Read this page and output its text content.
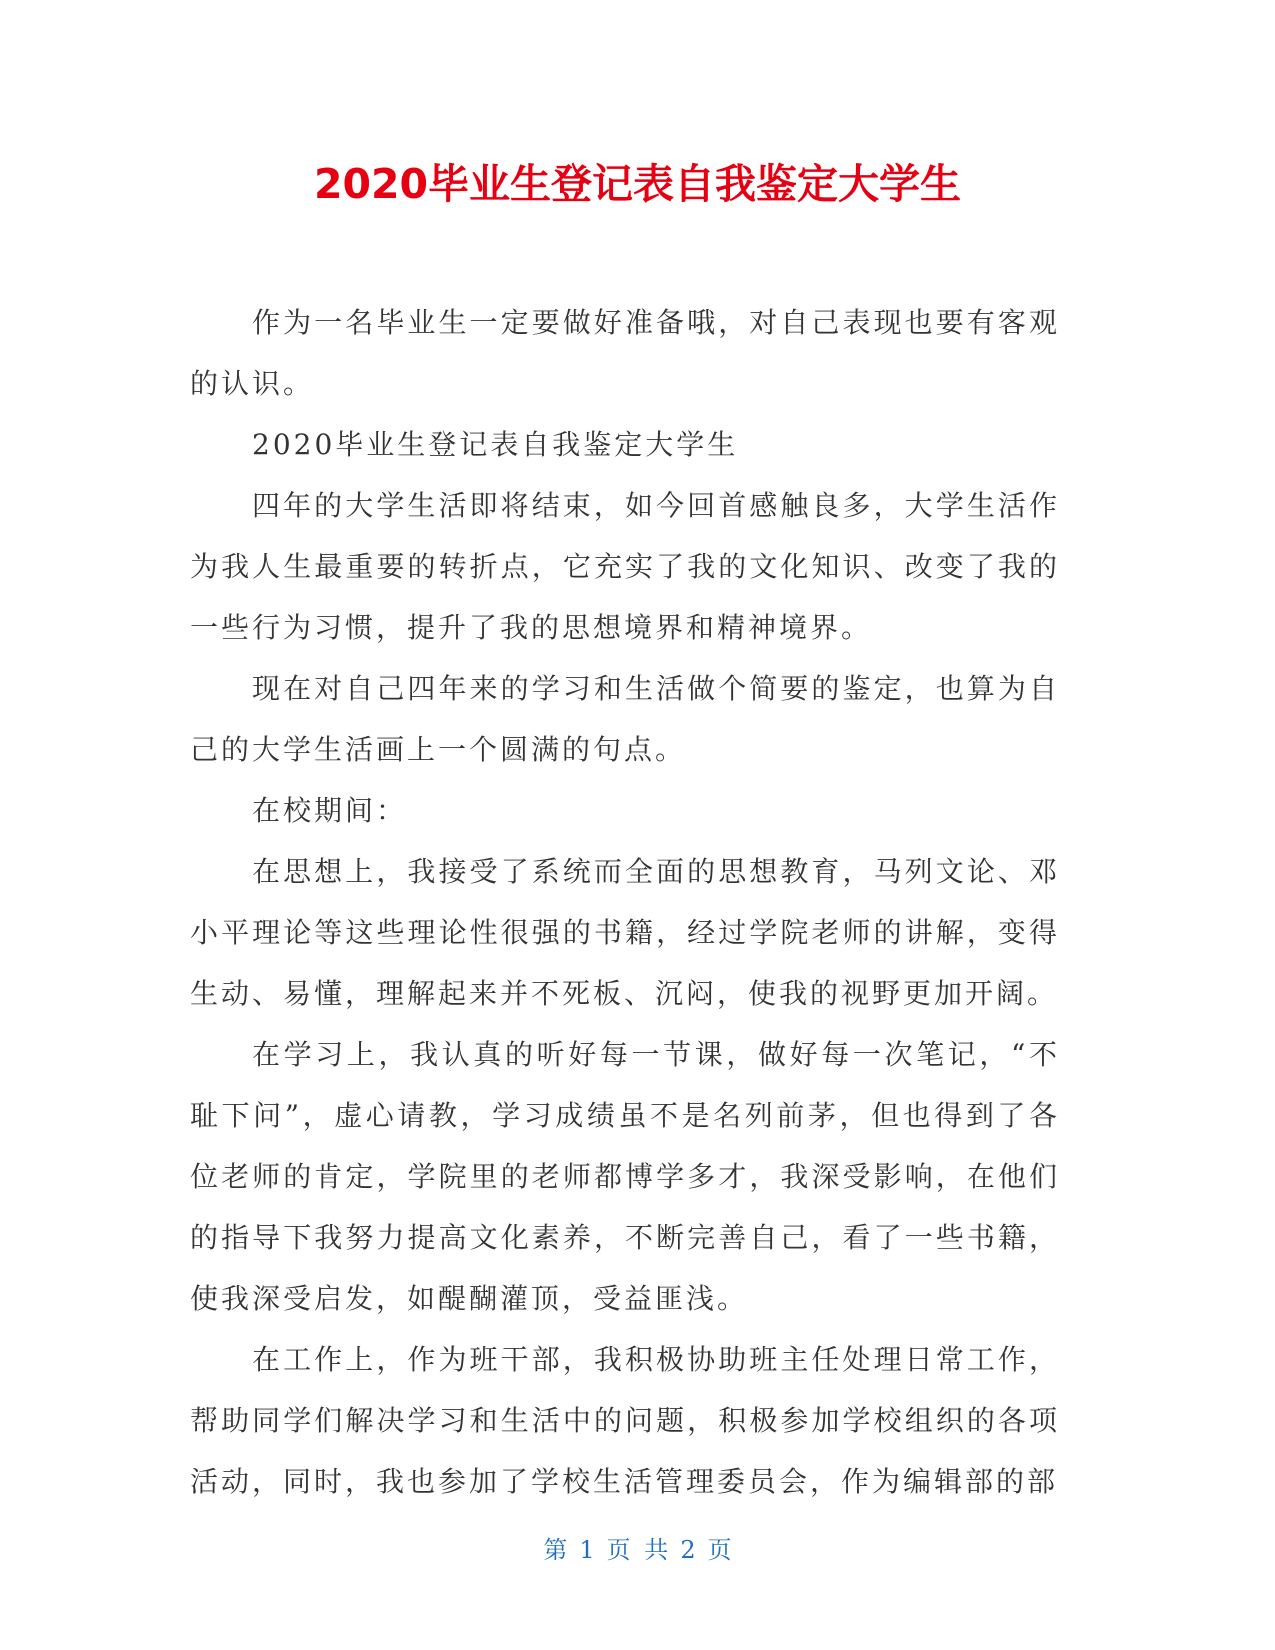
2020毕业生登记表自我鉴定大学生

作为一名毕业生一定要做好准备哦，对自己表现也要有客观的认识。

2020毕业生登记表自我鉴定大学生

四年的大学生活即将结束，如今回首感触良多，大学生活作为我人生最重要的转折点，它充实了我的文化知识、改变了我的一些行为习惯，提升了我的思想境界和精神境界。

现在对自己四年来的学习和生活做个简要的鉴定，也算为自己的大学生活画上一个圆满的句点。

在校期间：

在思想上，我接受了系统而全面的思想教育，马列文论、邓小平理论等这些理论性很强的书籍，经过学院老师的讲解，变得生动、易懂，理解起来并不死板、沉闷，使我的视野更加开阔。

在学习上，我认真的听好每一节课，做好每一次笔记，“不耻下问”，虚心请教，学习成绩虽不是名列前茅，但也得到了各位老师的肯定，学院里的老师都博学多才，我深受影响，在他们的指导下我努力提高文化素养，不断完善自己，看了一些书籍，使我深受启发，如醍醐灌顶，受益匪浅。

在工作上，作为班干部，我积极协助班主任处理日常工作，帮助同学们解决学习和生活中的问题，积极参加学校组织的各项活动，同时，我也参加了学校生活管理委员会，作为编辑部的部

第 1 页 共 2 页
